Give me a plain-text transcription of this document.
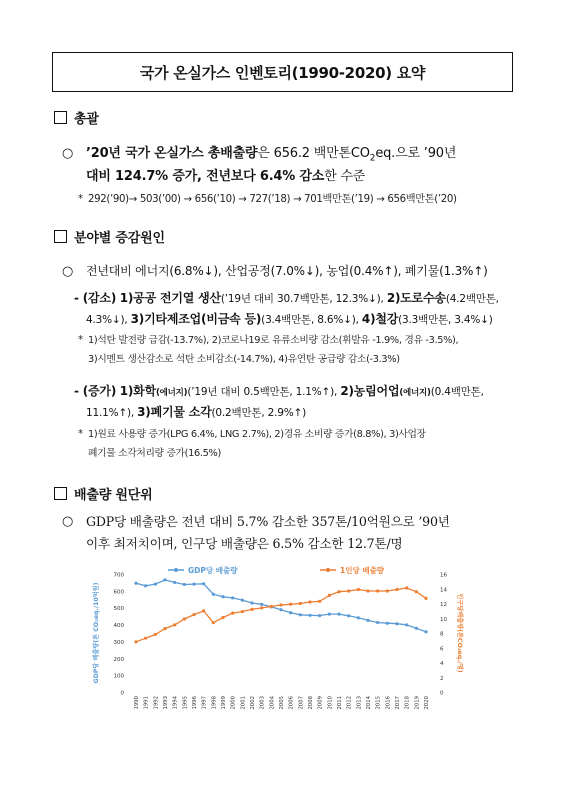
국가 온실가스 인벤토리(1990-2020) 요약
총괄
○ ’20년 국가 온실가스 총배출량은 656.2 백만톤$CO_2eq$.으로 ’90년
대비 124.7% 증가, 전년보다 6.4% 감소한 수준
* 292(’90)→ 503(’00) → 656(’10) → 727(’18) → 701백만톤(’19) → 656백만톤(’20)
분야별 증감원인
○ 전년대비 에너지(6.8%↓), 산업공정(7.0%↓), 농업(0.4%↑), 폐기물(1.3%↑)
- (감소) 1)공공 전기열 생산(’19년 대비 30.7백만톤, 12.3%↓), 2)도로수송(4.2백만톤,
4.3%↓), 3)기타제조업(비금속 등)(3.4백만톤, 8.6%↓), 4)철강(3.3백만톤, 3.4%↓)
* 1)석탄 발전량 급감(-13.7%), 2)코로나19로 유류소비량 감소(휘발유 -1.9%, 경유 -3.5%),
3)시멘트 생산감소로 석탄 소비감소(-14.7%), 4)유연탄 공급량 감소(-3.3%)
- (증가) 1)화학(에너지)(’19년 대비 0.5백만톤, 1.1%↑), 2)농림어업(에너지)(0.4백만톤,
11.1%↑), 3)폐기물 소각(0.2백만톤, 2.9%↑)
* 1)원료 사용량 증가(LPG 6.4%, LNG 2.7%), 2)경유 소비량 증가(8.8%), 3)사업장
폐기물 소각처리량 증가(16.5%)
배출량 원단위
○ GDP당 배출량은 전년 대비 5.7% 감소한 357톤/10억원으로 ’90년
이후 최저치이며, 인구당 배출량은 6.5% 감소한 12.7톤/명
0
100
200
300
400
500
600
700
0
2
4
6
8
10
12
14
16
1990 1991 1992 1993 1994 1995 1996 1997 1998 1999 2000 2001 2002 2003 2004 2005 2006 2007 2008 2009 2010 2011 2012 2013 2014 2015 2016 2017 2018 2019 2020
GDP당 배출량	1인당 배출량
GDP당 배출량(톤 CO₂eq./10억원)	인구당배출량(톤CO₂eq./명)
